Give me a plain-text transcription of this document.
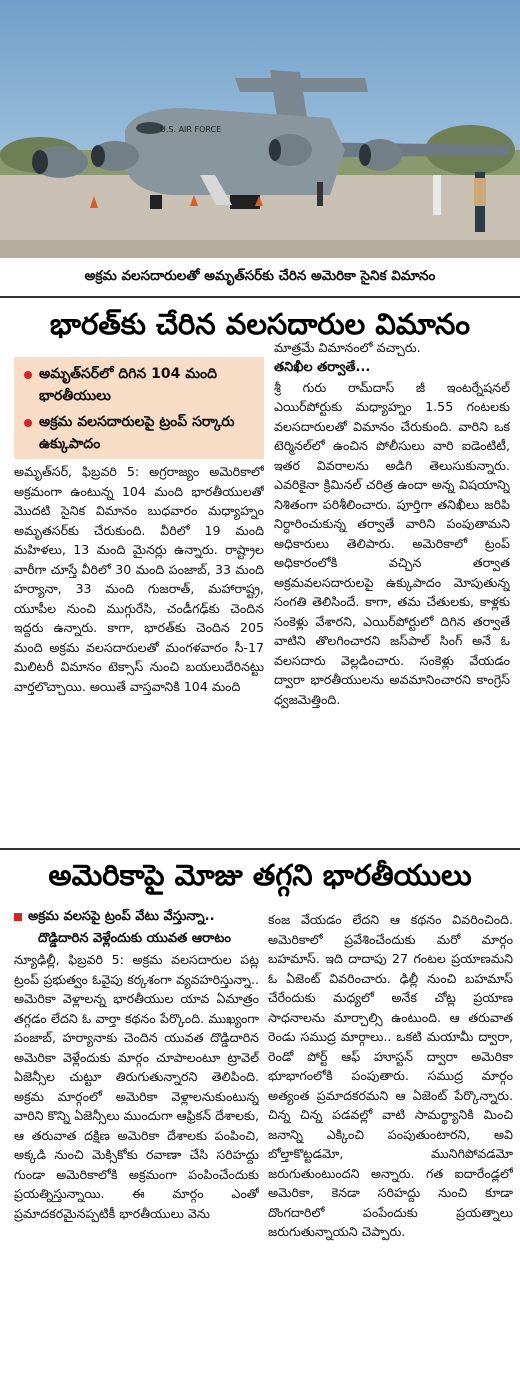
U.S. AIR FORCE
అక్రమ వలసదారులతో అమృత్‌సర్‌కు చేరిన అమెరికా సైనిక విమానం
భారత్‌కు చేరిన వలసదారుల విమానం
అమృత్‌సర్‌లో దిగిన 104 మంది భారతీయులు
అక్రమ వలసదారులపై ట్రంప్ సర్కారు ఉక్కుపాదం

అమృత్‌సర్, ఫిబ్రవరి 5: అగ్రరాజ్యం అమెరికాలో అక్రమంగా ఉంటున్న 104 మంది భారతీయులతో మొదటి సైనిక విమానం బుధవారం మధ్యాహ్నం అమృతసర్‌కు చేరుకుంది. వీరిలో 19 మంది మహిళలు, 13 మంది మైనర్లు ఉన్నారు. రాష్ట్రాల వారీగా చూస్తే వీరిలో 30 మంది పంజాబ్, 33 మంది హర్యానా, 33 మంది గుజరాత్, మహారాష్ట్ర, యూపీల నుంచి ముగ్గురేసి, చండీగఢ్‌కు చెందిన ఇద్దరు ఉన్నారు. కాగా, భారత్‌కు చెందిన 205 మంది అక్రమ వలసదారులతో మంగళవారం సీ-17 మిలిటరీ విమానం టెక్సాస్ నుంచి బయలుదేరినట్టు వార్తలొచ్చాయి. అయితే వాస్తవానికి 104 మంది

మాత్రమే విమానంలో వచ్చారు.

తనిఖీల తర్వాతే...

శ్రీ గురు రామ్‌దాస్ జీ ఇంటర్నేషనల్ ఎయిర్‌పోర్టుకు మధ్యాహ్నం 1.55 గంటలకు వలసదారులతో విమానం చేరుకుంది. వారిని ఒక టెర్మినల్‌లో ఉంచిన పోలీసులు వారి ఐడెంటిటీ, ఇతర వివరాలను అడిగి తెలుసుకున్నారు. ఎవరికైనా క్రిమినల్ చరిత్ర ఉందా అన్న విషయాన్ని నిశితంగా పరిశీలించారు. పూర్తిగా తనిఖీలు జరిపి నిర్ధారించుకున్న తర్వాతే వారిని పంపుతామని అధికారులు తెలిపారు. అమెరికాలో ట్రంప్ అధికారంలోకి వచ్చిన తర్వాత అక్రమవలసదారులపై ఉక్కుపాదం మోపుతున్న సంగతి తెలిసిందే. కాగా, తమ చేతులకు, కాళ్లకు సంకెళ్లు వేశారని, ఎయిర్‌పోర్టులో దిగిన తర్వాతే వాటిని తొలగించారని జస్‌పాల్ సింగ్ అనే ఓ వలసదారు వెల్లడించారు. సంకెళ్లు వేయడం ద్వారా భారతీయులను అవమానించారని కాంగ్రెస్ ధ్వజమెత్తింది.

అమెరికాపై మోజు తగ్గని భారతీయులు
అక్రమ వలసపై ట్రంప్ వేటు వేస్తున్నా..
దొడ్డిదారిన వెళ్లేందుకు యువత ఆరాటం

న్యూఢిల్లీ, ఫిబ్రవరి 5: అక్రమ వలసదారుల పట్ల ట్రంప్ ప్రభుత్వం ఓవైపు కర్కశంగా వ్యవహరిస్తున్నా.. అమెరికా వెళ్లాలన్న భారతీయుల యావ ఏమాత్రం తగ్గడం లేదని ఓ వార్తా కథనం పేర్కొంది. ముఖ్యంగా పంజాబ్, హర్యానాకు చెందిన యువత దొడ్డిదారిన అమెరికా వెళ్లేందుకు మార్గం చూపాలంటూ ట్రావెల్ ఏజెన్సీల చుట్టూ తిరుగుతున్నారని తెలిపింది. అక్రమ మార్గంలో అమెరికా వెళ్లాలనుకుంటున్న వారిని కొన్ని ఏజెన్సీలు ముందుగా ఆఫ్రికన్ దేశాలకు, ఆ తరువాత దక్షిణ అమెరికా దేశాలకు పంపించి, అక్కడి నుంచి మెక్సికోకు రవాణా చేసి సరిహద్దు గుండా అమెరికాలోకి అక్రమంగా పంపించేందుకు ప్రయత్నిస్తున్నాయి. ఈ మార్గం ఎంతో ప్రమాదకరమైనప్పటికీ భారతీయులు వెను

కంజ వేయడం లేదని ఆ కథనం వివరించింది. అమెరికాలో ప్రవేశించేందుకు మరో మార్గం బహమాస్. ఇది దాదాపు 27 గంటల ప్రయాణమని ఓ ఏజెంట్ వివరించారు. ఢిల్లీ నుంచి బహమాస్ చేరేందుకు మధ్యలో అనేక చోట్ల ప్రయాణ సాధనాలను మార్చాల్సి ఉంటుంది. ఆ తరువాత రెండు సముద్ర మార్గాలు.. ఒకటి మయామీ ద్వారా, రెండో పోర్ట్ ఆఫ్ హూస్టన్ ద్వారా అమెరికా భూభాగంలోకి పంపుతారు. సముద్ర మార్గం అత్యంత ప్రమాదకరమని ఆ ఏజెంట్ పేర్కొన్నారు. చిన్న చిన్న పడవల్లో వాటి సామర్థ్యానికి మించి జనాన్ని ఎక్కించి పంపుతుంటారని, అవి బోల్తాకొట్టడమో, మునిగిపోవడమో జరుగుతుంటుందని అన్నారు. గత ఐదారేండ్లలో అమెరికా, కెనడా సరిహద్దు నుంచి కూడా దొంగదారిలో పంపేందుకు ప్రయత్నాలు జరుగుతున్నాయని చెప్పారు.
